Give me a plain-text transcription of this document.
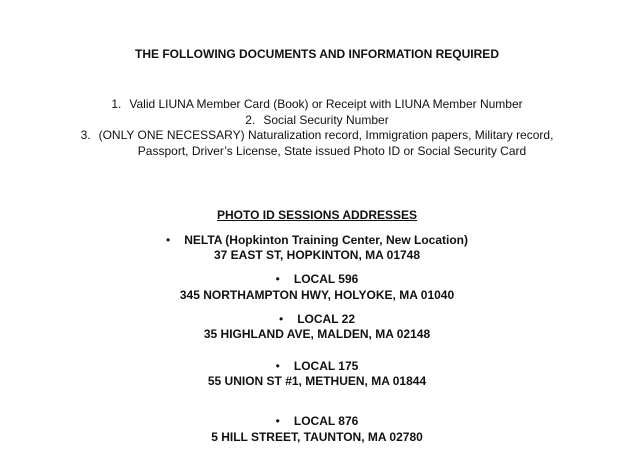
THE FOLLOWING DOCUMENTS AND INFORMATION REQUIRED
1. Valid LIUNA Member Card (Book) or Receipt with LIUNA Member Number
2. Social Security Number
3. (ONLY ONE NECESSARY) Naturalization record, Immigration papers, Military record,
Passport, Driver’s License, State issued Photo ID or Social Security Card
PHOTO ID SESSIONS ADDRESSES
• NELTA (Hopkinton Training Center, New Location)
37 EAST ST, HOPKINTON, MA 01748
• LOCAL 596
345 NORTHAMPTON HWY, HOLYOKE, MA 01040
• LOCAL 22
35 HIGHLAND AVE, MALDEN, MA 02148
• LOCAL 175
55 UNION ST #1, METHUEN, MA 01844
• LOCAL 876
5 HILL STREET, TAUNTON, MA 02780
